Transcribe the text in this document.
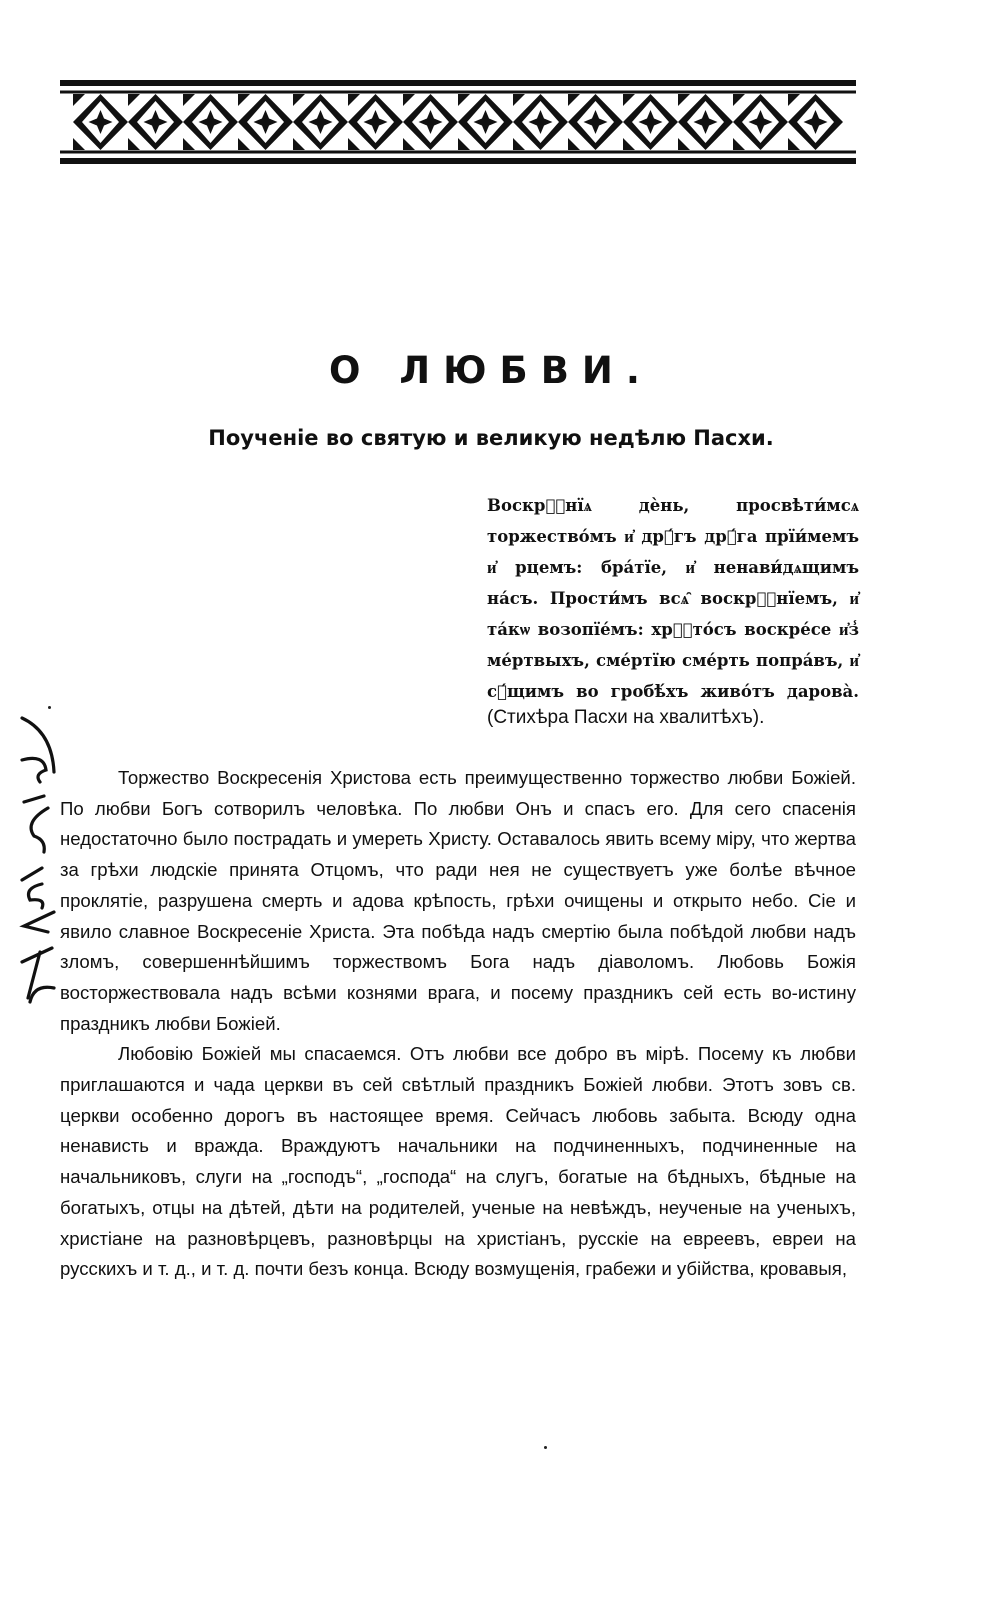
О ЛЮБВИ.
Поученіе во святую и великую недѣлю Пасхи.

Воскрⷭ҇нїѧ дѐнь, просвѣти́мсѧ торжество́мъ и҆ дрꙋ́гъ дрꙋ́га прїи́мемъ и҆ рцемъ: бра́тїе, и҆ ненави́дѧщимъ на́съ. Прости́мъ всѧ̑ воскрⷭ҇нїемъ, и҆ та́кѡ возопїе́мъ: хрⷭ҇то́съ воскре́се и҆з̾ ме́ртвыхъ, сме́ртїю сме́рть попра́въ, и҆ сꙋ́щимъ во гробѣ́хъ живо́тъ дарова̀.

(Стихѣра Пасхи на хвалитѣхъ).

Торжество Воскресенія Христова есть преимущественно торжество любви Божіей. По любви Богъ сотворилъ человѣка. По любви Онъ и спасъ его. Для сего спасенія недостаточно было пострадать и умереть Христу. Оставалось явить всему міру, что жертва за грѣхи людскіе принята Отцомъ, что ради нея не существуетъ уже болѣе вѣчное проклятіе, разрушена смерть и адова крѣпость, грѣхи очищены и открыто небо. Сіе и явило славное Воскресеніе Христа. Эта побѣда надъ смертію была побѣдой любви надъ зломъ, совершеннѣйшимъ торжествомъ Бога надъ діаволомъ. Любовь Божія восторжествовала надъ всѣми кознями врага, и посему праздникъ сей есть во-истину праздникъ любви Божіей.

Любовію Божіей мы спасаемся. Отъ любви все добро въ мірѣ. Посему къ любви приглашаются и чада церкви въ сей свѣтлый праздникъ Божіей любви. Этотъ зовъ св. церкви особенно дорогъ въ настоящее время. Сейчасъ любовь забыта. Всюду одна ненависть и вражда. Враждуютъ начальники на подчиненныхъ, подчиненные на начальниковъ, слуги на „господъ“, „господа“ на слугъ, богатые на бѣдныхъ, бѣдные на богатыхъ, отцы на дѣтей, дѣти на родителей, ученые на невѣждъ, неученые на ученыхъ, христіане на разновѣрцевъ, разновѣрцы на христіанъ, русскіе на евреевъ, евреи на русскихъ и т. д., и т. д. почти безъ конца. Всюду возмущенія, грабежи и убійства, кровавыя,
